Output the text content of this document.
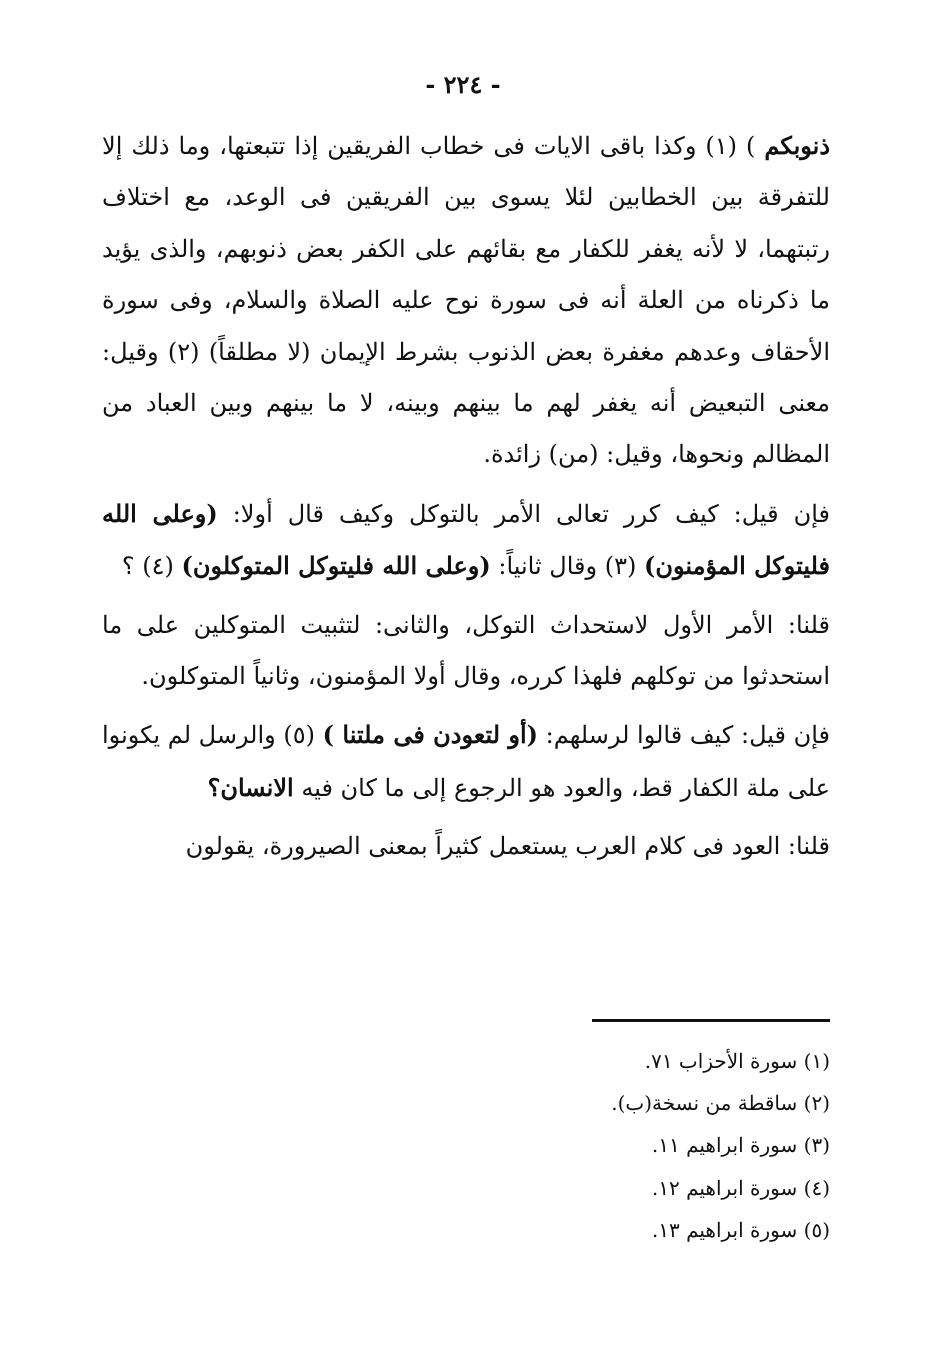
- ٢٢٤ -

ذنوبكم ) (١) وكذا باقى الايات فى خطاب الفريقين إذا تتبعتها، وما ذلك إلا للتفرقة بين الخطابين لئلا يسوى بين الفريقين فى الوعد، مع اختلاف رتبتهما، لا لأنه يغفر للكفار مع بقائهم على الكفر بعض ذنوبهم، والذى يؤيد ما ذكرناه من العلة أنه فى سورة نوح عليه الصلاة والسلام، وفى سورة الأحقاف وعدهم مغفرة بعض الذنوب بشرط الإيمان (لا مطلقاً) (٢) وقيل: معنى التبعيض أنه يغفر لهم ما بينهم وبينه، لا ما بينهم وبين العباد من المظالم ونحوها، وقيل: (من) زائدة.

فإن قيل: كيف كرر تعالى الأمر بالتوكل وكيف قال أولا: (وعلى الله فليتوكل المؤمنون) (٣) وقال ثانياً: (وعلى الله فليتوكل المتوكلون) (٤) ؟

قلنا: الأمر الأول لاستحداث التوكل، والثانى: لتثبيت المتوكلين على ما استحدثوا من توكلهم فلهذا كرره، وقال أولا المؤمنون، وثانياً المتوكلون.

فإن قيل: كيف قالوا لرسلهم: (أو لتعودن فى ملتنا ) (٥) والرسل لم يكونوا على ملة الكفار قط، والعود هو الرجوع إلى ما كان فيه الانسان؟

قلنا: العود فى كلام العرب يستعمل كثيراً بمعنى الصيرورة، يقولون

(١) سورة الأحزاب ٧١.
(٢) ساقطة من نسخة(ب).
(٣) سورة ابراهيم ١١.
(٤) سورة ابراهيم ١٢.
(٥) سورة ابراهيم ١٣.
